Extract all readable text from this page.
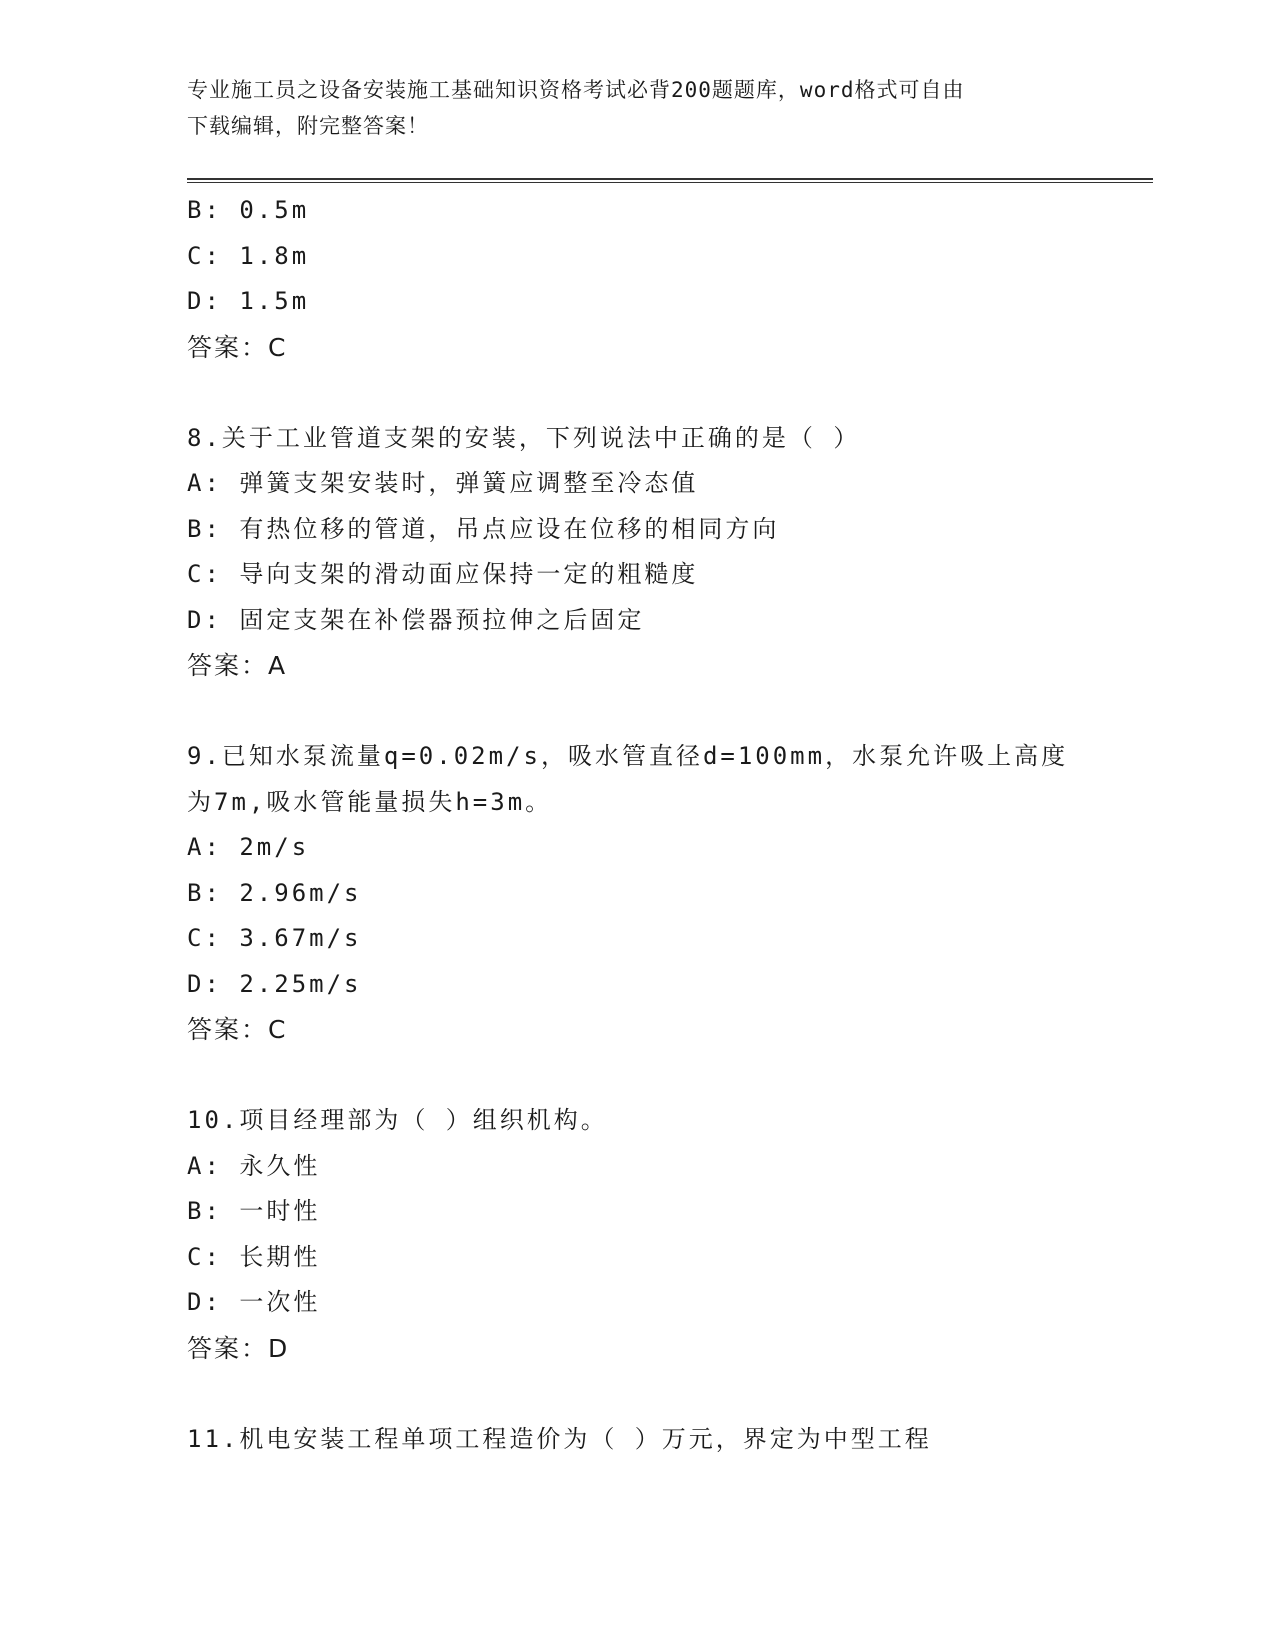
专业施工员之设备安装施工基础知识资格考试必背200题题库，word格式可自由
下载编辑，附完整答案！
B: 0.5m
C: 1.8m
D: 1.5m
答案：C
8.关于工业管道支架的安装，下列说法中正确的是（ ）
A: 弹簧支架安装时，弹簧应调整至冷态值
B: 有热位移的管道，吊点应设在位移的相同方向
C: 导向支架的滑动面应保持一定的粗糙度
D: 固定支架在补偿器预拉伸之后固定
答案：A
9.已知水泵流量q=0.02m/s，吸水管直径d=100mm，水泵允许吸上高度
为7m,吸水管能量损失h=3m。
A: 2m/s
B: 2.96m/s
C: 3.67m/s
D: 2.25m/s
答案：C
10.项目经理部为（ ）组织机构。
A: 永久性
B: 一时性
C: 长期性
D: 一次性
答案：D
11.机电安装工程单项工程造价为（ ）万元，界定为中型工程
